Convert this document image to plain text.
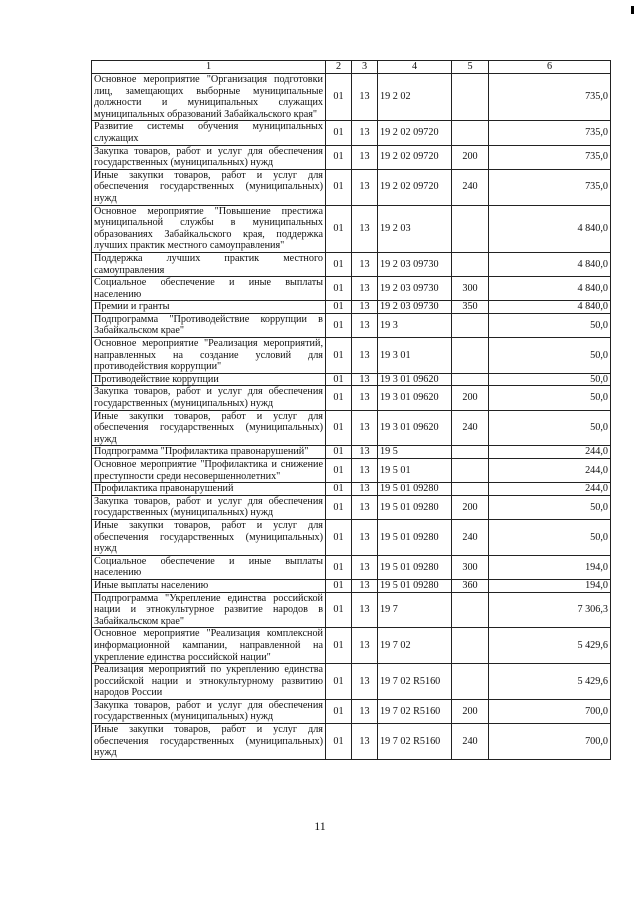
1	2	3	4	5	6
Основное мероприятие "Организация подготовки лиц, замещающих выборные муниципальные должности и муниципальных служащих муниципальных образований Забайкальского края"	01	13	19 2 02		735,0
Развитие системы обучения муниципальных служащих	01	13	19 2 02 09720		735,0
Закупка товаров, работ и услуг для обеспечения государственных (муниципальных) нужд	01	13	19 2 02 09720	200	735,0
Иные закупки товаров, работ и услуг для обеспечения государственных (муниципальных) нужд	01	13	19 2 02 09720	240	735,0
Основное мероприятие "Повышение престижа муниципальной службы в муниципальных образованиях Забайкальского края, поддержка лучших практик местного самоуправления"	01	13	19 2 03		4 840,0
Поддержка лучших практик местного самоуправления	01	13	19 2 03 09730		4 840,0
Социальное обеспечение и иные выплаты населению	01	13	19 2 03 09730	300	4 840,0
Премии и гранты	01	13	19 2 03 09730	350	4 840,0
Подпрограмма "Противодействие коррупции в Забайкальском крае"	01	13	19 3		50,0
Основное мероприятие "Реализация мероприятий, направленных на создание условий для противодействия коррупции"	01	13	19 3 01		50,0
Противодействие коррупции	01	13	19 3 01 09620		50,0
Закупка товаров, работ и услуг для обеспечения государственных (муниципальных) нужд	01	13	19 3 01 09620	200	50,0
Иные закупки товаров, работ и услуг для обеспечения государственных (муниципальных) нужд	01	13	19 3 01 09620	240	50,0
Подпрограмма "Профилактика правонарушений"	01	13	19 5		244,0
Основное мероприятие "Профилактика и снижение преступности среди несовершеннолетних"	01	13	19 5 01		244,0
Профилактика правонарушений	01	13	19 5 01 09280		244,0
Закупка товаров, работ и услуг для обеспечения государственных (муниципальных) нужд	01	13	19 5 01 09280	200	50,0
Иные закупки товаров, работ и услуг для обеспечения государственных (муниципальных) нужд	01	13	19 5 01 09280	240	50,0
Социальное обеспечение и иные выплаты населению	01	13	19 5 01 09280	300	194,0
Иные выплаты населению	01	13	19 5 01 09280	360	194,0
Подпрограмма "Укрепление единства российской нации и этнокультурное развитие народов в Забайкальском крае"	01	13	19 7		7 306,3
Основное мероприятие "Реализация комплексной информационной кампании, направленной на укрепление единства российской нации"	01	13	19 7 02		5 429,6
Реализация мероприятий по укреплению единства российской нации и этнокультурному развитию народов России	01	13	19 7 02 R5160		5 429,6
Закупка товаров, работ и услуг для обеспечения государственных (муниципальных) нужд	01	13	19 7 02 R5160	200	700,0
Иные закупки товаров, работ и услуг для обеспечения государственных (муниципальных) нужд	01	13	19 7 02 R5160	240	700,0
11
